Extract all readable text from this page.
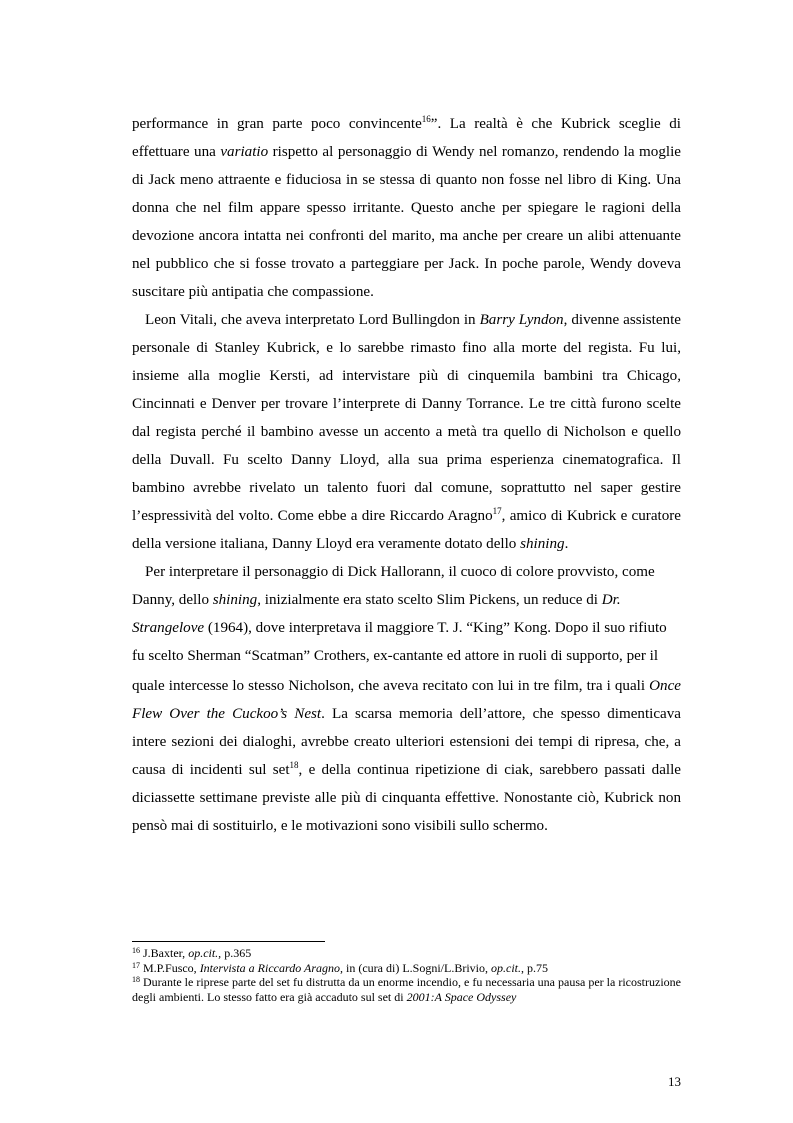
performance in gran parte poco convincente$^{16}$”. La realtà è che Kubrick sceglie di effettuare una variatio rispetto al personaggio di Wendy nel romanzo, rendendo la moglie di Jack meno attraente e fiduciosa in se stessa di quanto non fosse nel libro di King. Una donna che nel film appare spesso irritante. Questo anche per spiegare le ragioni della devozione ancora intatta nei confronti del marito, ma anche per creare un alibi attenuante nel pubblico che si fosse trovato a parteggiare per Jack. In poche parole, Wendy doveva suscitare più antipatia che compassione.

Leon Vitali, che aveva interpretato Lord Bullingdon in Barry Lyndon, divenne assistente personale di Stanley Kubrick, e lo sarebbe rimasto fino alla morte del regista. Fu lui, insieme alla moglie Kersti, ad intervistare più di cinquemila bambini tra Chicago, Cincinnati e Denver per trovare l’interprete di Danny Torrance. Le tre città furono scelte dal regista perché il bambino avesse un accento a metà tra quello di Nicholson e quello della Duvall. Fu scelto Danny Lloyd, alla sua prima esperienza cinematografica. Il bambino avrebbe rivelato un talento fuori dal comune, soprattutto nel saper gestire l’espressività del volto. Come ebbe a dire Riccardo Aragno$^{17}$, amico di Kubrick e curatore della versione italiana, Danny Lloyd era veramente dotato dello shining.

Per interpretare il personaggio di Dick Hallorann, il cuoco di colore provvisto, come Danny, dello shining, inizialmente era stato scelto Slim Pickens, un reduce di Dr. Strangelove (1964), dove interpretava il maggiore T. J. “King” Kong. Dopo il suo rifiuto fu scelto Sherman “Scatman” Crothers, ex-cantante ed attore in ruoli di supporto, per il

quale intercesse lo stesso Nicholson, che aveva recitato con lui in tre film, tra i quali Once Flew Over the Cuckoo’s Nest. La scarsa memoria dell’attore, che spesso dimenticava intere sezioni dei dialoghi, avrebbe creato ulteriori estensioni dei tempi di ripresa, che, a causa di incidenti sul set$^{18}$, e della continua ripetizione di ciak, sarebbero passati dalle diciassette settimane previste alle più di cinquanta effettive. Nonostante ciò, Kubrick non pensò mai di sostituirlo, e le motivazioni sono visibili sullo schermo.

$^{16}$ J.Baxter, op.cit., p.365

$^{17}$ M.P.Fusco, Intervista a Riccardo Aragno, in (cura di) L.Sogni/L.Brivio, op.cit., p.75

$^{18}$ Durante le riprese parte del set fu distrutta da un enorme incendio, e fu necessaria una pausa per la ricostruzione degli ambienti. Lo stesso fatto era già accaduto sul set di 2001:A Space Odyssey

13
